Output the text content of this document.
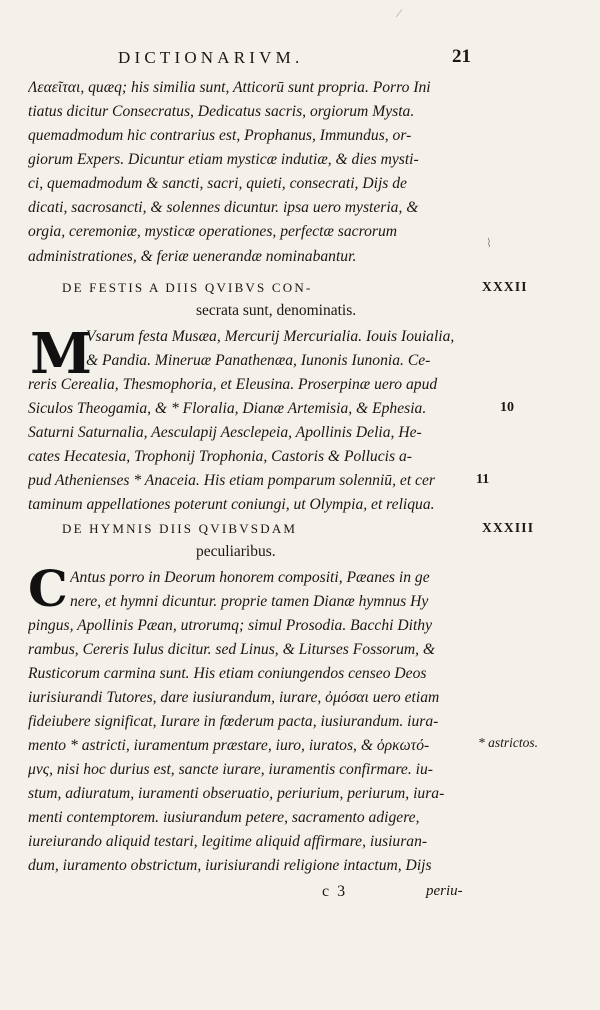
DICTIONARIVM.	21
Λεαεῖται, quæq; his similia sunt, Atticorū sunt propria. Porro Ini
tiatus dicitur Consecratus, Dedicatus sacris, orgiorum Mysta.
quemadmodum hic contrarius est, Prophanus, Immundus, or-
giorum Expers. Dicuntur etiam mysticæ indutiæ, & dies mysti-
ci, quemadmodum & sancti, sacri, quieti, consecrati, Dijs de
dicati, sacrosancti, & solennes dicuntur. ipsa uero mysteria, &
orgia, ceremoniæ, mysticæ operationes, perfectæ sacrorum
administrationes, & feriæ uenerandæ nominabantur.
DE FESTIS A DIIS QVIBVS CON-	XXXII
secrata sunt, denominatis.
M
Vsarum festa Musæa, Mercurij Mercurialia. Iouis Iouialia,
& Pandia. Mineruæ Panathenæa, Iunonis Iunonia. Ce-
reris Cerealia, Thesmophoria, et Eleusina. Proserpinæ uero apud
Siculos Theogamia, & * Floralia, Dianæ Artemisia, & Ephesia.
Saturni Saturnalia, Aesculapij Aesclepeia, Apollinis Delia, He-
cates Hecatesia, Trophonij Trophonia, Castoris & Pollucis a-
pud Athenienses * Anaceia. His etiam pomparum solenniū, et cer
taminum appellationes poterunt coniungi, ut Olympia, et reliqua.
10
11
DE HYMNIS DIIS QVIBVSDAM	XXXIII
peculiaribus.
C Antus porro in Deorum honorem compositi, Pæanes in ge
nere, et hymni dicuntur. proprie tamen Dianæ hymnus Hy
pingus, Apollinis Pæan, utrorumq; simul Prosodia. Bacchi Dithy
rambus, Cereris Iulus dicitur. sed Linus, & Liturses Fossorum, &
Rusticorum carmina sunt. His etiam coniungendos censeo Deos
iurisiurandi Tutores, dare iusiurandum, iurare, ὀμόσαι uero etiam
fideiubere significat, Iurare in fœderum pacta, iusiurandum. iura-
mento * astricti, iuramentum præstare, iuro, iuratos, & ὁρκωτό-
μνς, nisi hoc durius est, sancte iurare, iuramentis confirmare. iu-
stum, adiuratum, iuramenti obseruatio, periurium, periurum, iura-
menti contemptorem. iusiurandum petere, sacramento adigere,
iureiurando aliquid testari, legitime aliquid affirmare, iusiuran-
dum, iuramento obstrictum, iurisiurandi religione intactum, Dijs
* astrictos.
c 3	periu-
⁄
⌇
